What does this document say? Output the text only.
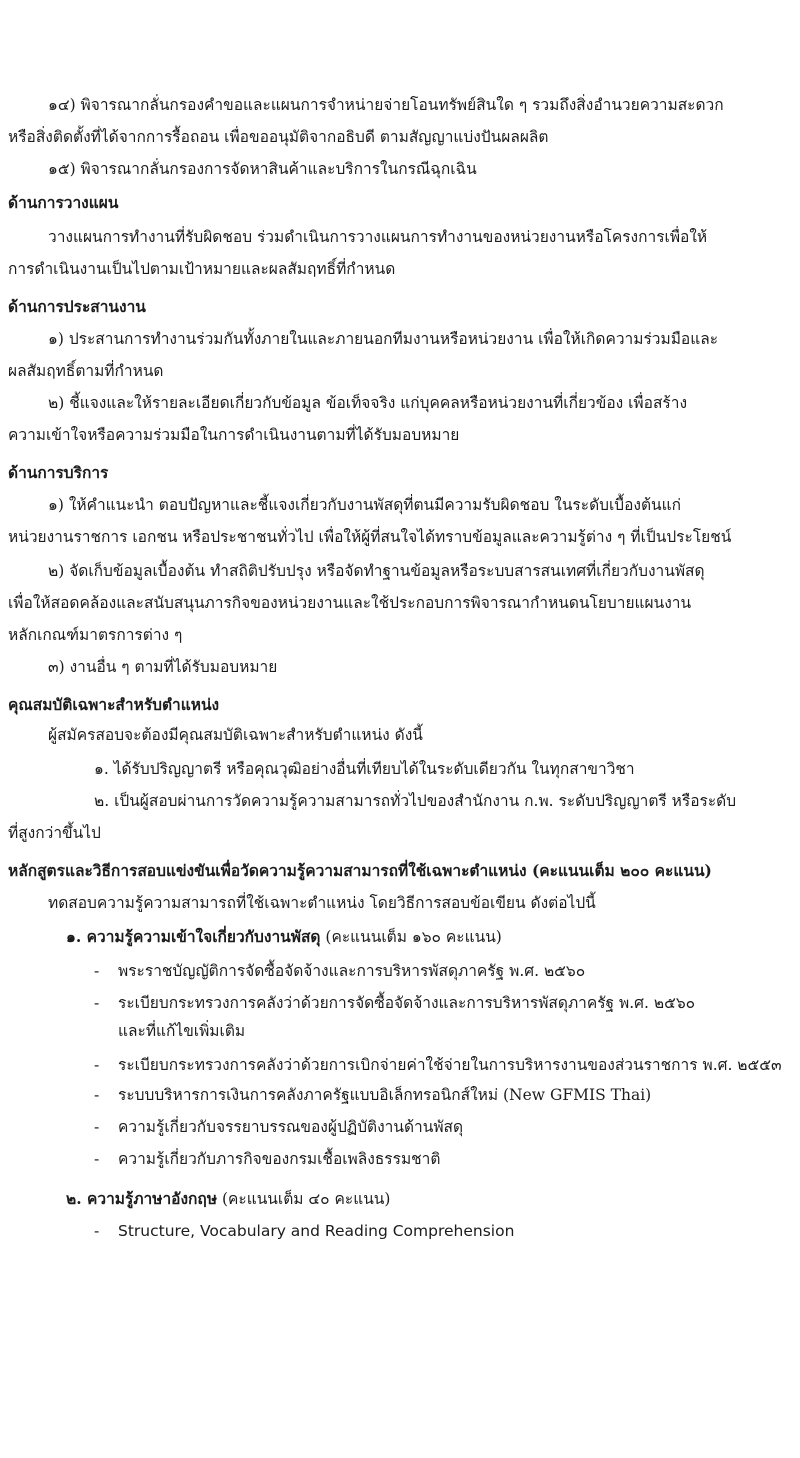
๑๔) พิจารณากลั่นกรองคำขอและแผนการจำหน่ายจ่ายโอนทรัพย์สินใด ๆ รวมถึงสิ่งอำนวยความสะดวก
หรือสิ่งติดตั้งที่ได้จากการรื้อถอน เพื่อขออนุมัติจากอธิบดี ตามสัญญาแบ่งปันผลผลิต
๑๕) พิจารณากลั่นกรองการจัดหาสินค้าและบริการในกรณีฉุกเฉิน
ด้านการวางแผน
วางแผนการทำงานที่รับผิดชอบ ร่วมดำเนินการวางแผนการทำงานของหน่วยงานหรือโครงการเพื่อให้
การดำเนินงานเป็นไปตามเป้าหมายและผลสัมฤทธิ์ที่กำหนด
ด้านการประสานงาน
๑) ประสานการทำงานร่วมกันทั้งภายในและภายนอกทีมงานหรือหน่วยงาน เพื่อให้เกิดความร่วมมือและ
ผลสัมฤทธิ์ตามที่กำหนด
๒) ชี้แจงและให้รายละเอียดเกี่ยวกับข้อมูล ข้อเท็จจริง แก่บุคคลหรือหน่วยงานที่เกี่ยวข้อง เพื่อสร้าง
ความเข้าใจหรือความร่วมมือในการดำเนินงานตามที่ได้รับมอบหมาย
ด้านการบริการ
๑) ให้คำแนะนำ ตอบปัญหาและชี้แจงเกี่ยวกับงานพัสดุที่ตนมีความรับผิดชอบ ในระดับเบื้องต้นแก่
หน่วยงานราชการ เอกชน หรือประชาชนทั่วไป เพื่อให้ผู้ที่สนใจได้ทราบข้อมูลและความรู้ต่าง ๆ ที่เป็นประโยชน์
๒) จัดเก็บข้อมูลเบื้องต้น ทำสถิติปรับปรุง หรือจัดทำฐานข้อมูลหรือระบบสารสนเทศที่เกี่ยวกับงานพัสดุ
เพื่อให้สอดคล้องและสนับสนุนภารกิจของหน่วยงานและใช้ประกอบการพิจารณากำหนดนโยบายแผนงาน
หลักเกณฑ์มาตรการต่าง ๆ
๓) งานอื่น ๆ ตามที่ได้รับมอบหมาย
คุณสมบัติเฉพาะสำหรับตำแหน่ง
ผู้สมัครสอบจะต้องมีคุณสมบัติเฉพาะสำหรับตำแหน่ง ดังนี้
๑. ได้รับปริญญาตรี หรือคุณวุฒิอย่างอื่นที่เทียบได้ในระดับเดียวกัน ในทุกสาขาวิชา
๒. เป็นผู้สอบผ่านการวัดความรู้ความสามารถทั่วไปของสำนักงาน ก.พ. ระดับปริญญาตรี หรือระดับ
ที่สูงกว่าขึ้นไป
หลักสูตรและวิธีการสอบแข่งขันเพื่อวัดความรู้ความสามารถที่ใช้เฉพาะตำแหน่ง (คะแนนเต็ม ๒๐๐ คะแนน)
ทดสอบความรู้ความสามารถที่ใช้เฉพาะตำแหน่ง โดยวิธีการสอบข้อเขียน ดังต่อไปนี้
๑. ความรู้ความเข้าใจเกี่ยวกับงานพัสดุ (คะแนนเต็ม ๑๖๐ คะแนน)
- พระราชบัญญัติการจัดซื้อจัดจ้างและการบริหารพัสดุภาครัฐ พ.ศ. ๒๕๖๐
- ระเบียบกระทรวงการคลังว่าด้วยการจัดซื้อจัดจ้างและการบริหารพัสดุภาครัฐ พ.ศ. ๒๕๖๐
และที่แก้ไขเพิ่มเติม
- ระเบียบกระทรวงการคลังว่าด้วยการเบิกจ่ายค่าใช้จ่ายในการบริหารงานของส่วนราชการ พ.ศ. ๒๕๕๓
- ระบบบริหารการเงินการคลังภาครัฐแบบอิเล็กทรอนิกส์ใหม่ (New GFMIS Thai)
- ความรู้เกี่ยวกับจรรยาบรรณของผู้ปฏิบัติงานด้านพัสดุ
- ความรู้เกี่ยวกับภารกิจของกรมเชื้อเพลิงธรรมชาติ
๒. ความรู้ภาษาอังกฤษ (คะแนนเต็ม ๔๐ คะแนน)
- Structure, Vocabulary and Reading Comprehension
